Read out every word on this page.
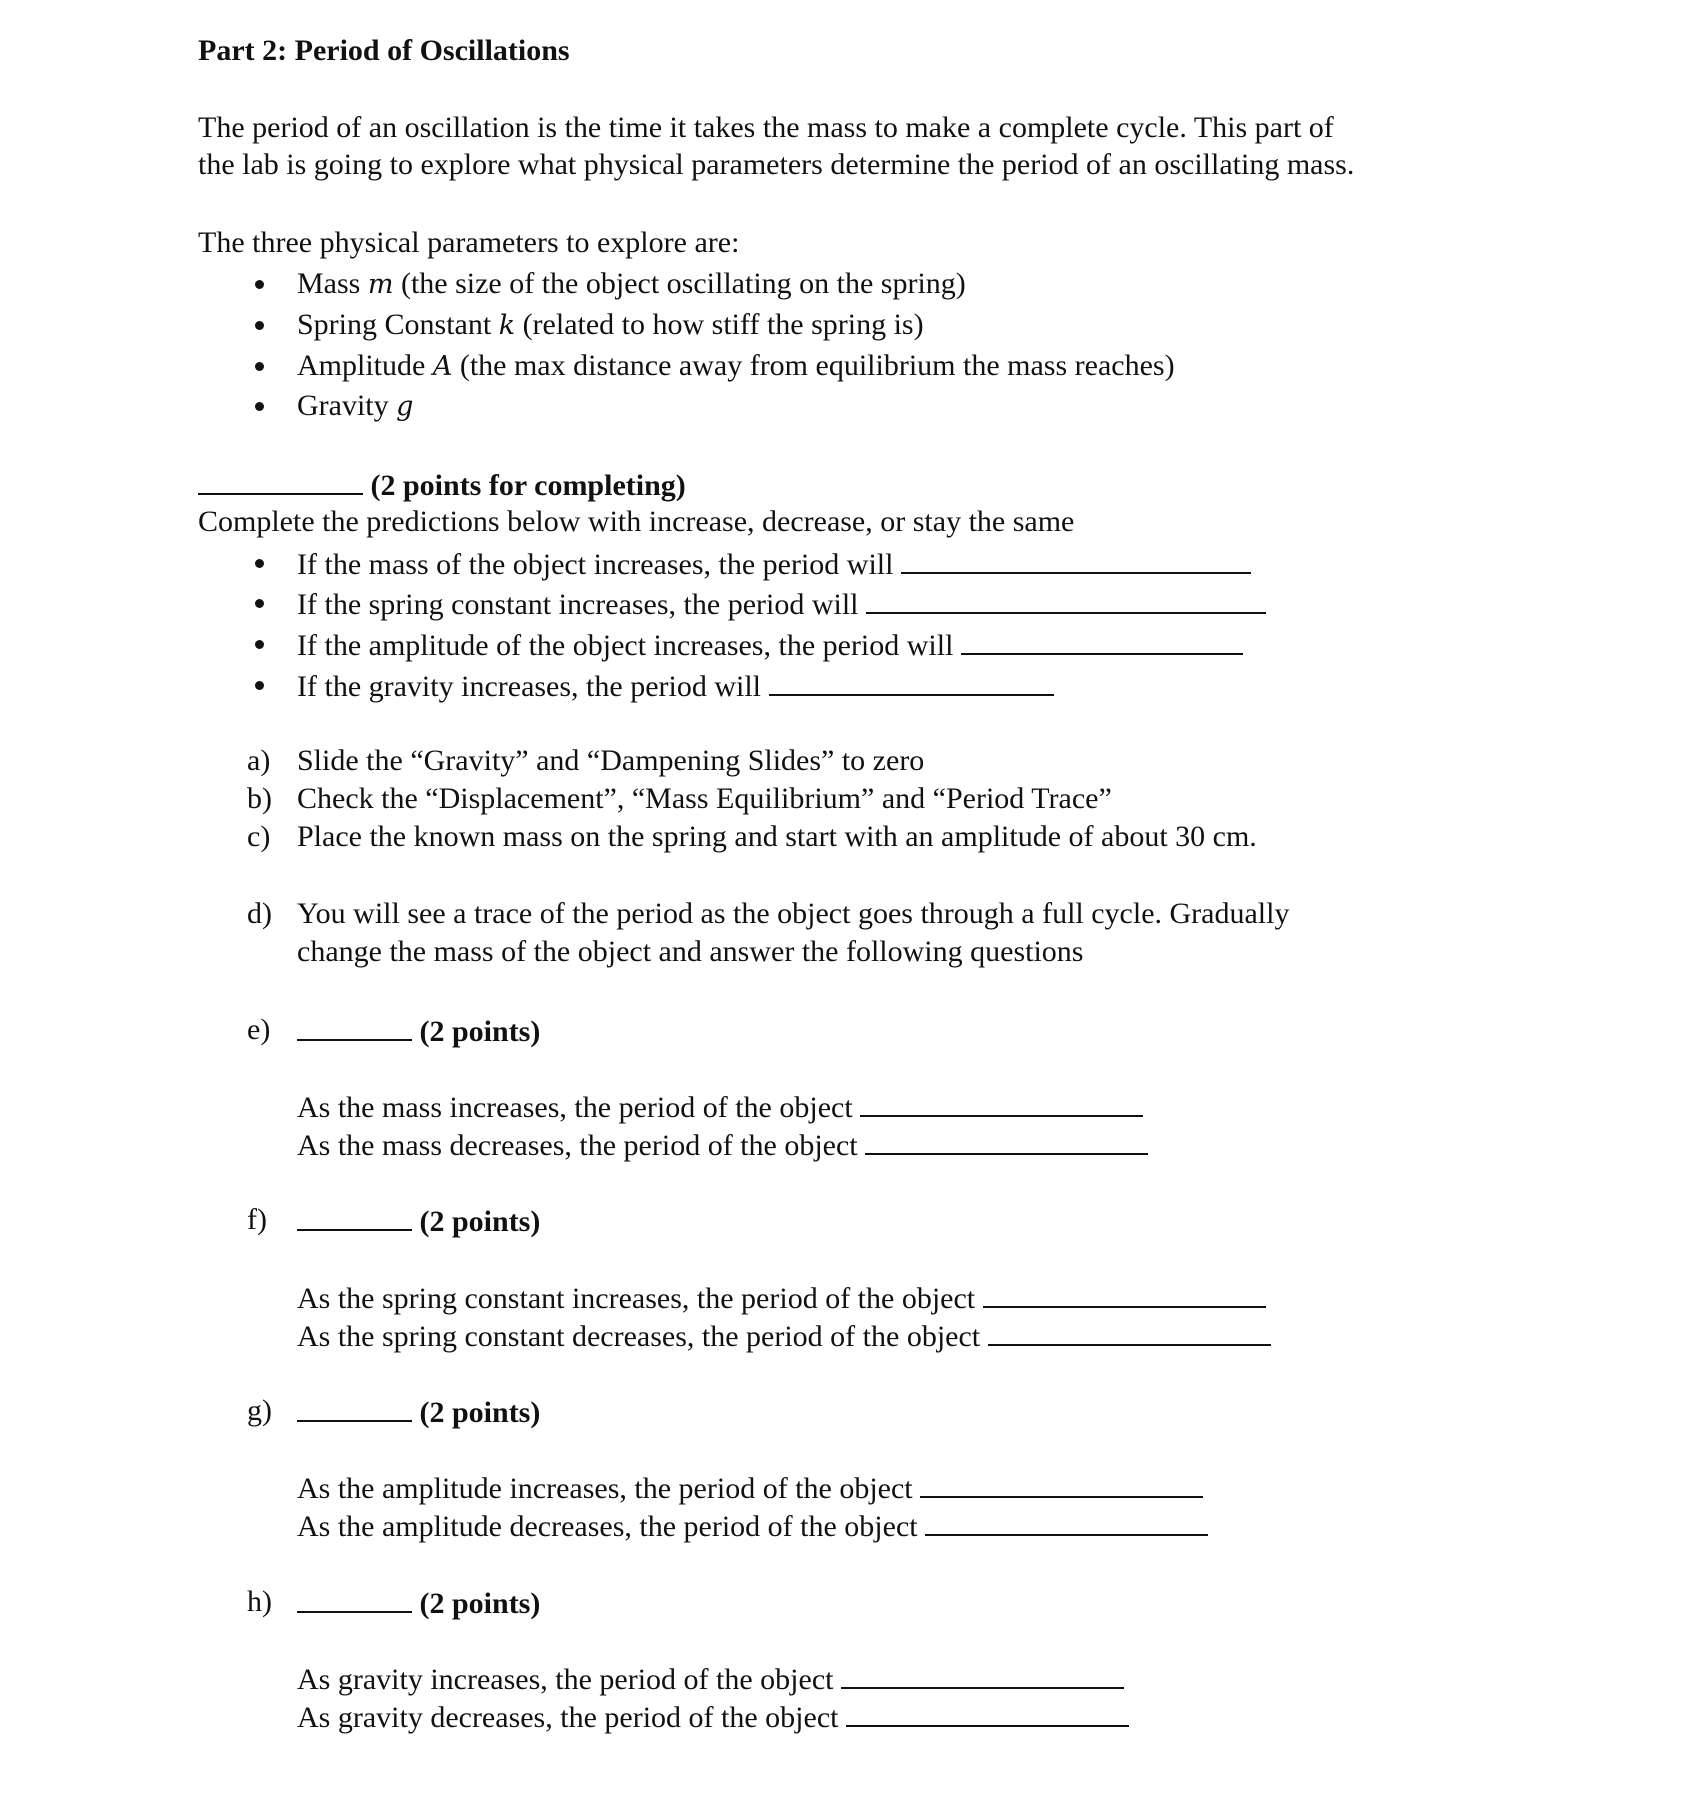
Part 2: Period of Oscillations
The period of an oscillation is the time it takes the mass to make a complete cycle. This part of
the lab is going to explore what physical parameters determine the period of an oscillating mass.
The three physical parameters to explore are:
Mass m (the size of the object oscillating on the spring)
Spring Constant k (related to how stiff the spring is)
Amplitude A (the max distance away from equilibrium the mass reaches)
Gravity g
(2 points for completing)
Complete the predictions below with increase, decrease, or stay the same
If the mass of the object increases, the period will
If the spring constant increases, the period will
If the amplitude of the object increases, the period will
If the gravity increases, the period will
a) Slide the “Gravity” and “Dampening Slides” to zero
b) Check the “Displacement”, “Mass Equilibrium” and “Period Trace”
c) Place the known mass on the spring and start with an amplitude of about 30 cm.
d) You will see a trace of the period as the object goes through a full cycle. Gradually
change the mass of the object and answer the following questions
e)	(2 points)
As the mass increases, the period of the object
As the mass decreases, the period of the object
f)	(2 points)
As the spring constant increases, the period of the object
As the spring constant decreases, the period of the object
g)	(2 points)
As the amplitude increases, the period of the object
As the amplitude decreases, the period of the object
h)	(2 points)
As gravity increases, the period of the object
As gravity decreases, the period of the object
